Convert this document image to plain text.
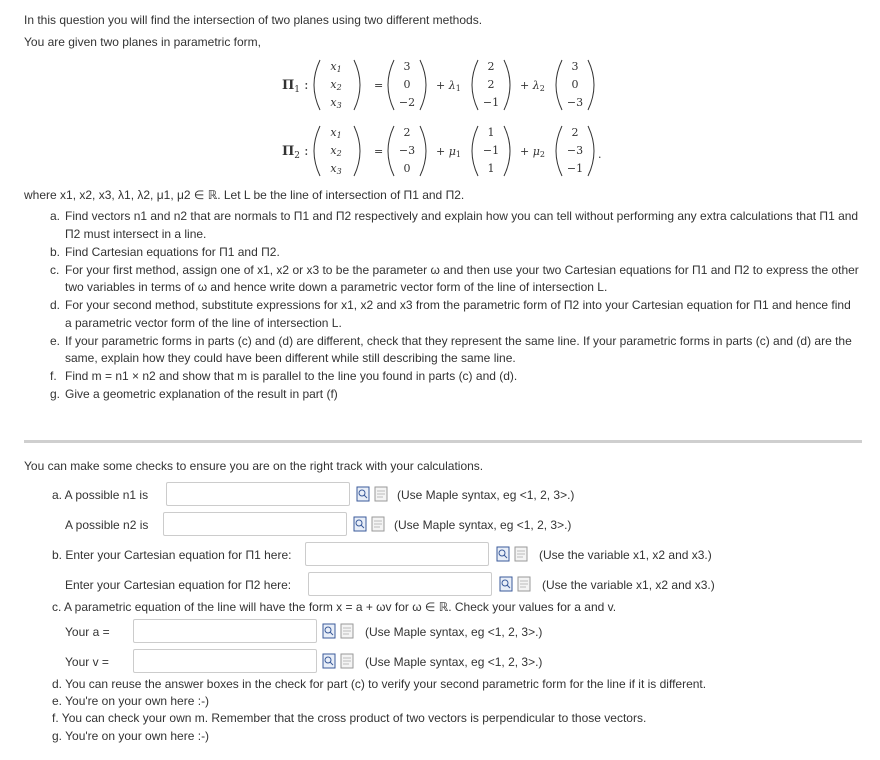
In this question you will find the intersection of two planes using two different methods.
You are given two planes in parametric form,
$\Pi_1$ :
x1
x2
x3
=
3
0
−2
+ λ1
2
2
−1
+ λ2
3
0
−3
$\Pi_2$ :
x1
x2
x3
=
2
−3
0
+ μ1
1
−1
1
+ μ2
2
−3
−1
.
where x1, x2, x3, λ1, λ2, μ1, μ2 ∈ ℝ. Let L be the line of intersection of Π1 and Π2.
a. Find vectors n1 and n2 that are normals to Π1 and Π2 respectively and explain how you can tell without performing any extra calculations that Π1 and Π2 must intersect in a line.
b. Find Cartesian equations for Π1 and Π2.
c. For your first method, assign one of x1, x2 or x3 to be the parameter ω and then use your two Cartesian equations for Π1 and Π2 to express the other two variables in terms of ω and hence write down a parametric vector form of the line of intersection L.
d. For your second method, substitute expressions for x1, x2 and x3 from the parametric form of Π2 into your Cartesian equation for Π1 and hence find a parametric vector form of the line of intersection L.
e. If your parametric forms in parts (c) and (d) are different, check that they represent the same line. If your parametric forms in parts (c) and (d) are the same, explain how they could have been different while still describing the same line.
f. Find m = n1 × n2 and show that m is parallel to the line you found in parts (c) and (d).
g. Give a geometric explanation of the result in part (f)
You can make some checks to ensure you are on the right track with your calculations.
a. A possible n1 is	(Use Maple syntax, eg <1, 2, 3>.)
A possible n2 is	(Use Maple syntax, eg <1, 2, 3>.)
b. Enter your Cartesian equation for Π1 here:	(Use the variable x1, x2 and x3.)
Enter your Cartesian equation for Π2 here:	(Use the variable x1, x2 and x3.)
c. A parametric equation of the line will have the form x = a + ωv for ω ∈ ℝ. Check your values for a and v.
Your a =	(Use Maple syntax, eg <1, 2, 3>.)
Your v =	(Use Maple syntax, eg <1, 2, 3>.)
d. You can reuse the answer boxes in the check for part (c) to verify your second parametric form for the line if it is different.
e. You're on your own here :-)
f. You can check your own m. Remember that the cross product of two vectors is perpendicular to those vectors.
g. You're on your own here :-)
